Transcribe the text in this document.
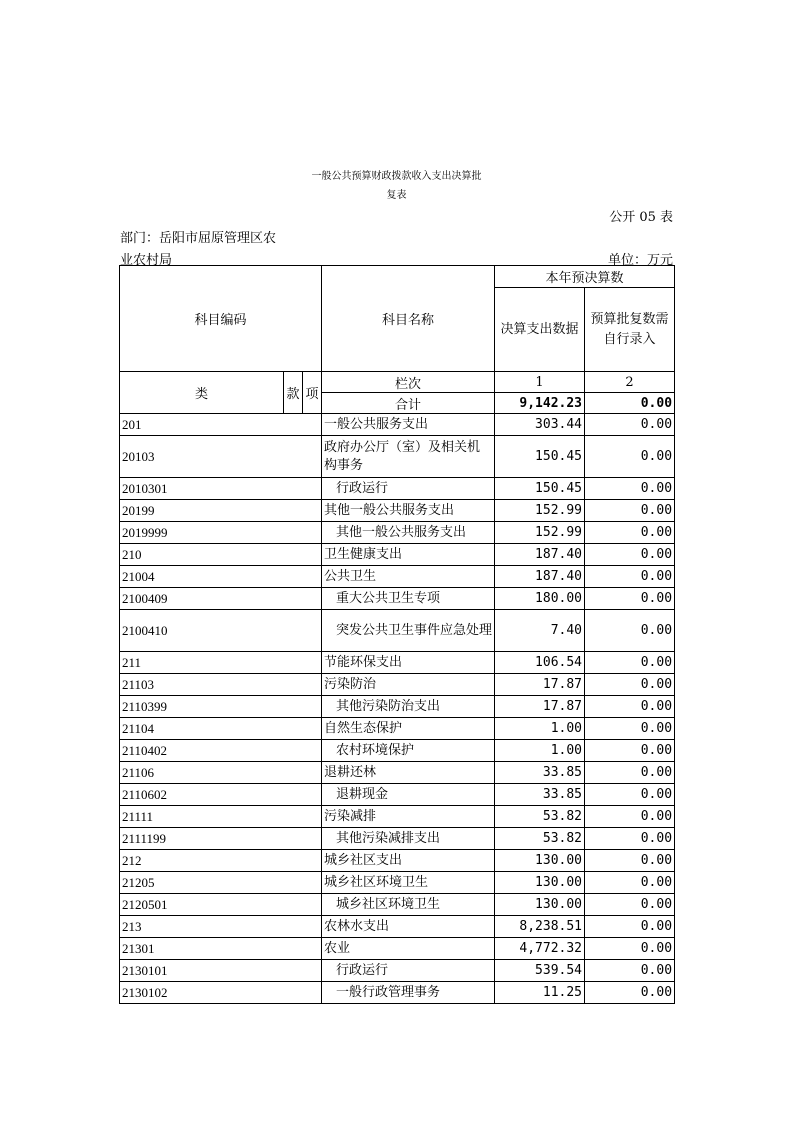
一般公共预算财政拨款收入支出决算批
复表
公开 05 表
部门：岳阳市屈原管理区农
业农村局	单位：万元
科目编码			科目名称	本年预决算数	
				决算支出数据	预算批复数需自行录入
类	款	项	栏次	1	2
			合计	9,142.23	0.00
201			一般公共服务支出	303.44	0.00
20103			政府办公厅（室）及相关机构事务	150.45	0.00
2010301			行政运行	150.45	0.00
20199			其他一般公共服务支出	152.99	0.00
2019999			其他一般公共服务支出	152.99	0.00
210			卫生健康支出	187.40	0.00
21004			公共卫生	187.40	0.00
2100409			重大公共卫生专项	180.00	0.00
2100410			突发公共卫生事件应急处理	7.40	0.00
211			节能环保支出	106.54	0.00
21103			污染防治	17.87	0.00
2110399			其他污染防治支出	17.87	0.00
21104			自然生态保护	1.00	0.00
2110402			农村环境保护	1.00	0.00
21106			退耕还林	33.85	0.00
2110602			退耕现金	33.85	0.00
21111			污染减排	53.82	0.00
2111199			其他污染减排支出	53.82	0.00
212			城乡社区支出	130.00	0.00
21205			城乡社区环境卫生	130.00	0.00
2120501			城乡社区环境卫生	130.00	0.00
213			农林水支出	8,238.51	0.00
21301			农业	4,772.32	0.00
2130101			行政运行	539.54	0.00
2130102			一般行政管理事务	11.25	0.00
